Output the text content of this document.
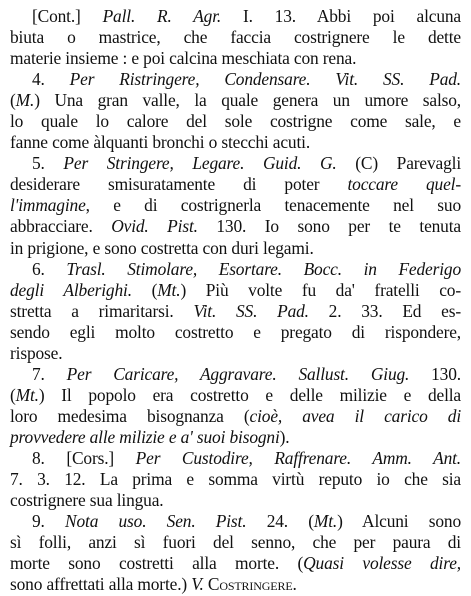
[Cont.] Pall. R. Agr. I. 13. Abbi poi alcuna
biuta o mastrice, che faccia costrignere le dette
materie insieme : e poi calcina meschiata con rena.
4. Per Ristringere, Condensare. Vit. SS. Pad.
(M.) Una gran valle, la quale genera un umore salso,
lo quale lo calore del sole costrigne come sale, e
fanne come àlquanti bronchi o stecchi acuti.
5. Per Stringere, Legare. Guid. G. (C) Parevagli
desiderare smisuratamente di poter toccare quel-
l'immagine, e di costrignerla tenacemente nel suo
abbracciare. Ovid. Pist. 130. Io sono per te tenuta
in prigione, e sono costretta con duri legami.
6. Trasl. Stimolare, Esortare. Bocc. in Federigo
degli Alberighi. (Mt.) Più volte fu da' fratelli co-
stretta a rimaritarsi. Vit. SS. Pad. 2. 33. Ed es-
sendo egli molto costretto e pregato di rispondere,
rispose.
7. Per Caricare, Aggravare. Sallust. Giug. 130.
(Mt.) Il popolo era costretto e delle milizie e della
loro medesima bisognanza (cioè, avea il carico di
provvedere alle milizie e a' suoi bisogni).
8. [Cors.] Per Custodire, Raffrenare. Amm. Ant.
7. 3. 12. La prima e somma virtù reputo io che sia
costrignere sua lingua.
9. Nota uso. Sen. Pist. 24. (Mt.) Alcuni sono
sì folli, anzi sì fuori del senno, che per paura di
morte sono costretti alla morte. (Quasi volesse dire,
sono affrettati alla morte.) V. Costringere.
